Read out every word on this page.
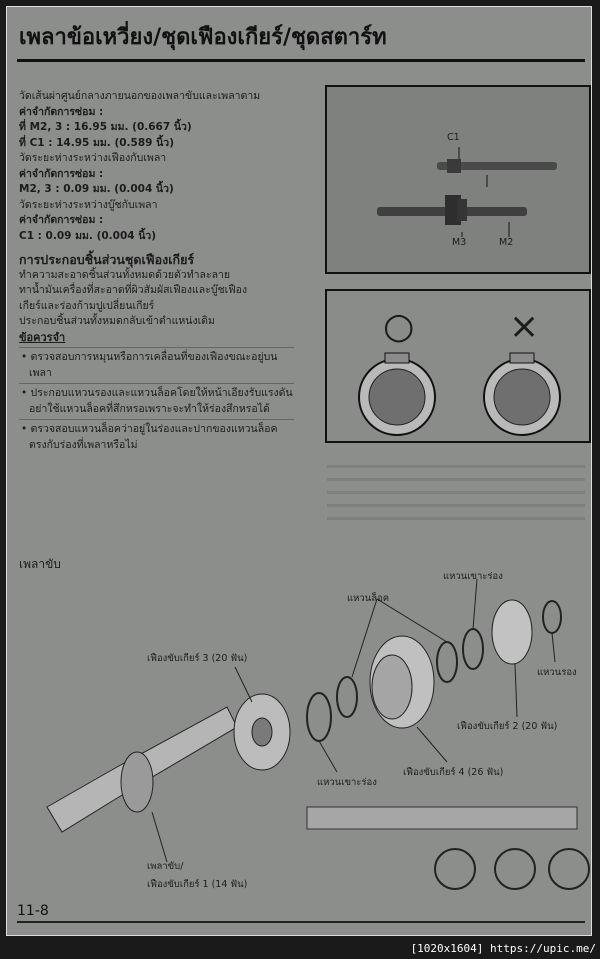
เพลาข้อเหวี่ยง/ชุดเฟืองเกียร์/ชุดสตาร์ท

วัดเส้นผ่าศูนย์กลางภายนอกของเพลาขับและเพลาตาม

ค่าจำกัดการซ่อม :

ที่ M2, 3 : 16.95 มม. (0.667 นิ้ว)

ที่ C1 : 14.95 มม. (0.589 นิ้ว)

วัดระยะห่างระหว่างเฟืองกับเพลา

ค่าจำกัดการซ่อม :

M2, 3 : 0.09 มม. (0.004 นิ้ว)

วัดระยะห่างระหว่างบู๊ชกับเพลา

ค่าจำกัดการซ่อม :

C1 : 0.09 มม. (0.004 นิ้ว)

การประกอบชิ้นส่วนชุดเฟืองเกียร์

ทำความสะอาดชิ้นส่วนทั้งหมดด้วยตัวทำละลาย

ทาน้ำมันเครื่องที่สะอาดที่ผิวสัมผัสเฟืองและบู๊ชเฟือง

เกียร์และร่องก้ามปูเปลี่ยนเกียร์

ประกอบชิ้นส่วนทั้งหมดกลับเข้าตำแหน่งเดิม

ข้อควรจำ

• ตรวจสอบการหมุนหรือการเคลื่อนที่ของเฟืองขณะอยู่บนเพลา

• ประกอบแหวนรองและแหวนล็อคโดยให้หน้าเอียงรับแรงดัน อย่าใช้แหวนล็อคที่สึกหรอเพราะจะทำให้ร่องสึกหรอได้

• ตรวจสอบแหวนล็อคว่าอยู่ในร่องและปากของแหวนล็อคตรงกับร่องที่เพลาหรือไม่

C1
M3	M2
○	×
เพลาขับ
เฟืองขับเกียร์ 3 (20 ฟัน)
แหวนล็อค
แหวนเขาะร่อง
แหวนรอง
เฟืองขับเกียร์ 2 (20 ฟัน)
เฟืองขับเกียร์ 4 (26 ฟัน)
แหวนเขาะร่อง
เพลาขับ/
เฟืองขับเกียร์ 1 (14 ฟัน)
11-8
[1020x1604] https://upic.me/
